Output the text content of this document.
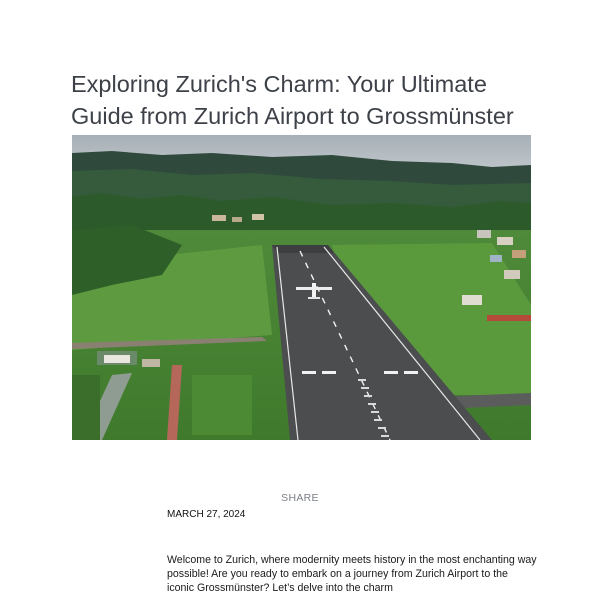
Exploring Zurich's Charm: Your Ultimate Guide from Zurich Airport to Grossmünster
SHARE
MARCH 27, 2024

Welcome to Zurich, where modernity meets history in the most enchanting way possible! Are you ready to embark on a journey from Zurich Airport to the iconic Grossmünster? Let’s delve into the charm
